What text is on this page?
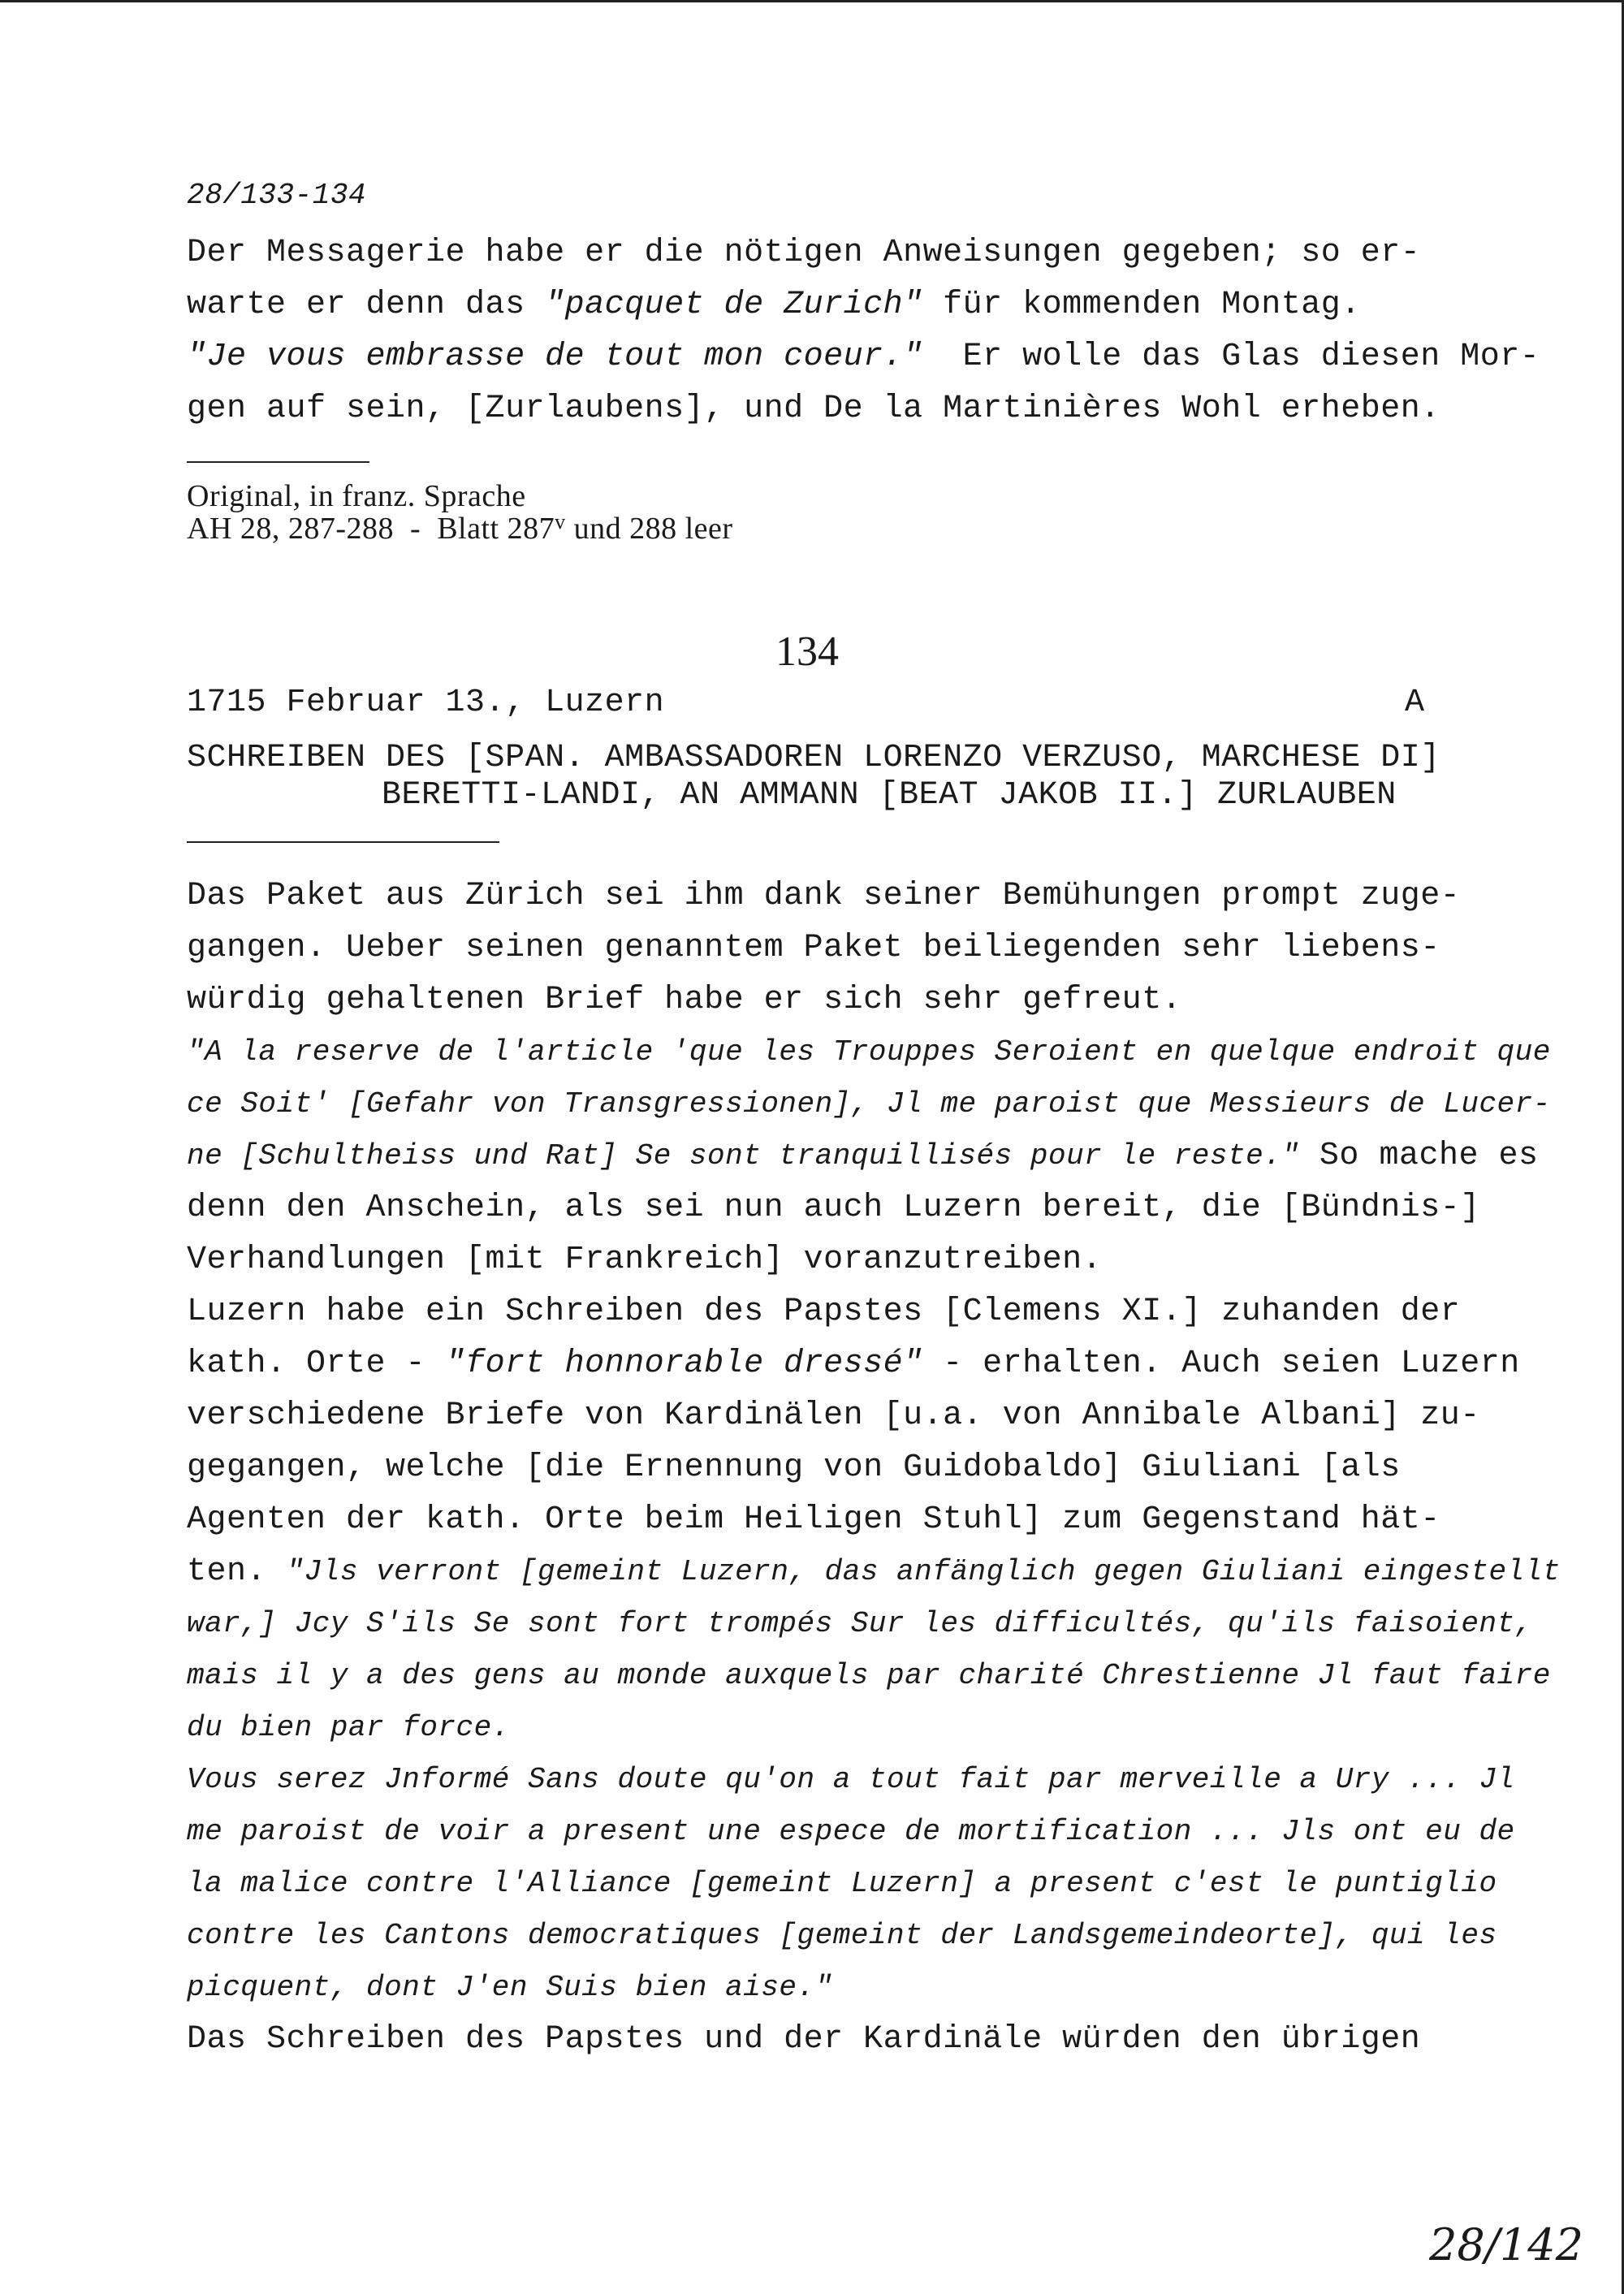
28/133-134
Der Messagerie habe er die nötigen Anweisungen gegeben; so er-
warte er denn das "pacquet de Zurich" für kommenden Montag.
"Je vous embrasse de tout mon coeur."  Er wolle das Glas diesen Mor-
gen auf sein, [Zurlaubens], und De la Martinières Wohl erheben.
Original, in franz. Sprache
AH 28, 287-288  -  Blatt 287$^v$ und 288 leer
134
1715 Februar 13., Luzern	A
SCHREIBEN DES [SPAN. AMBASSADOREN LORENZO VERZUSO, MARCHESE DI]
BERETTI-LANDI, AN AMMANN [BEAT JAKOB II.] ZURLAUBEN
Das Paket aus Zürich sei ihm dank seiner Bemühungen prompt zuge-
gangen. Ueber seinen genanntem Paket beiliegenden sehr liebens-
würdig gehaltenen Brief habe er sich sehr gefreut.
"A la reserve de l'article 'que les Trouppes Seroient en quelque endroit que
ce Soit' [Gefahr von Transgressionen], Jl me paroist que Messieurs de Lucer-
ne [Schultheiss und Rat] Se sont tranquillisés pour le reste." So mache es
denn den Anschein, als sei nun auch Luzern bereit, die [Bündnis-]
Verhandlungen [mit Frankreich] voranzutreiben.
Luzern habe ein Schreiben des Papstes [Clemens XI.] zuhanden der
kath. Orte - "fort honnorable dressé" - erhalten. Auch seien Luzern
verschiedene Briefe von Kardinälen [u.a. von Annibale Albani] zu-
gegangen, welche [die Ernennung von Guidobaldo] Giuliani [als
Agenten der kath. Orte beim Heiligen Stuhl] zum Gegenstand hät-
ten. "Jls verront [gemeint Luzern, das anfänglich gegen Giuliani eingestellt
war,] Jcy S'ils Se sont fort trompés Sur les difficultés, qu'ils faisoient,
mais il y a des gens au monde auxquels par charité Chrestienne Jl faut faire
du bien par force.
Vous serez Jnformé Sans doute qu'on a tout fait par merveille a Ury ... Jl
me paroist de voir a present une espece de mortification ... Jls ont eu de
la malice contre l'Alliance [gemeint Luzern] a present c'est le puntiglio
contre les Cantons democratiques [gemeint der Landsgemeindeorte], qui les
picquent, dont J'en Suis bien aise."
Das Schreiben des Papstes und der Kardinäle würden den übrigen
28/142
